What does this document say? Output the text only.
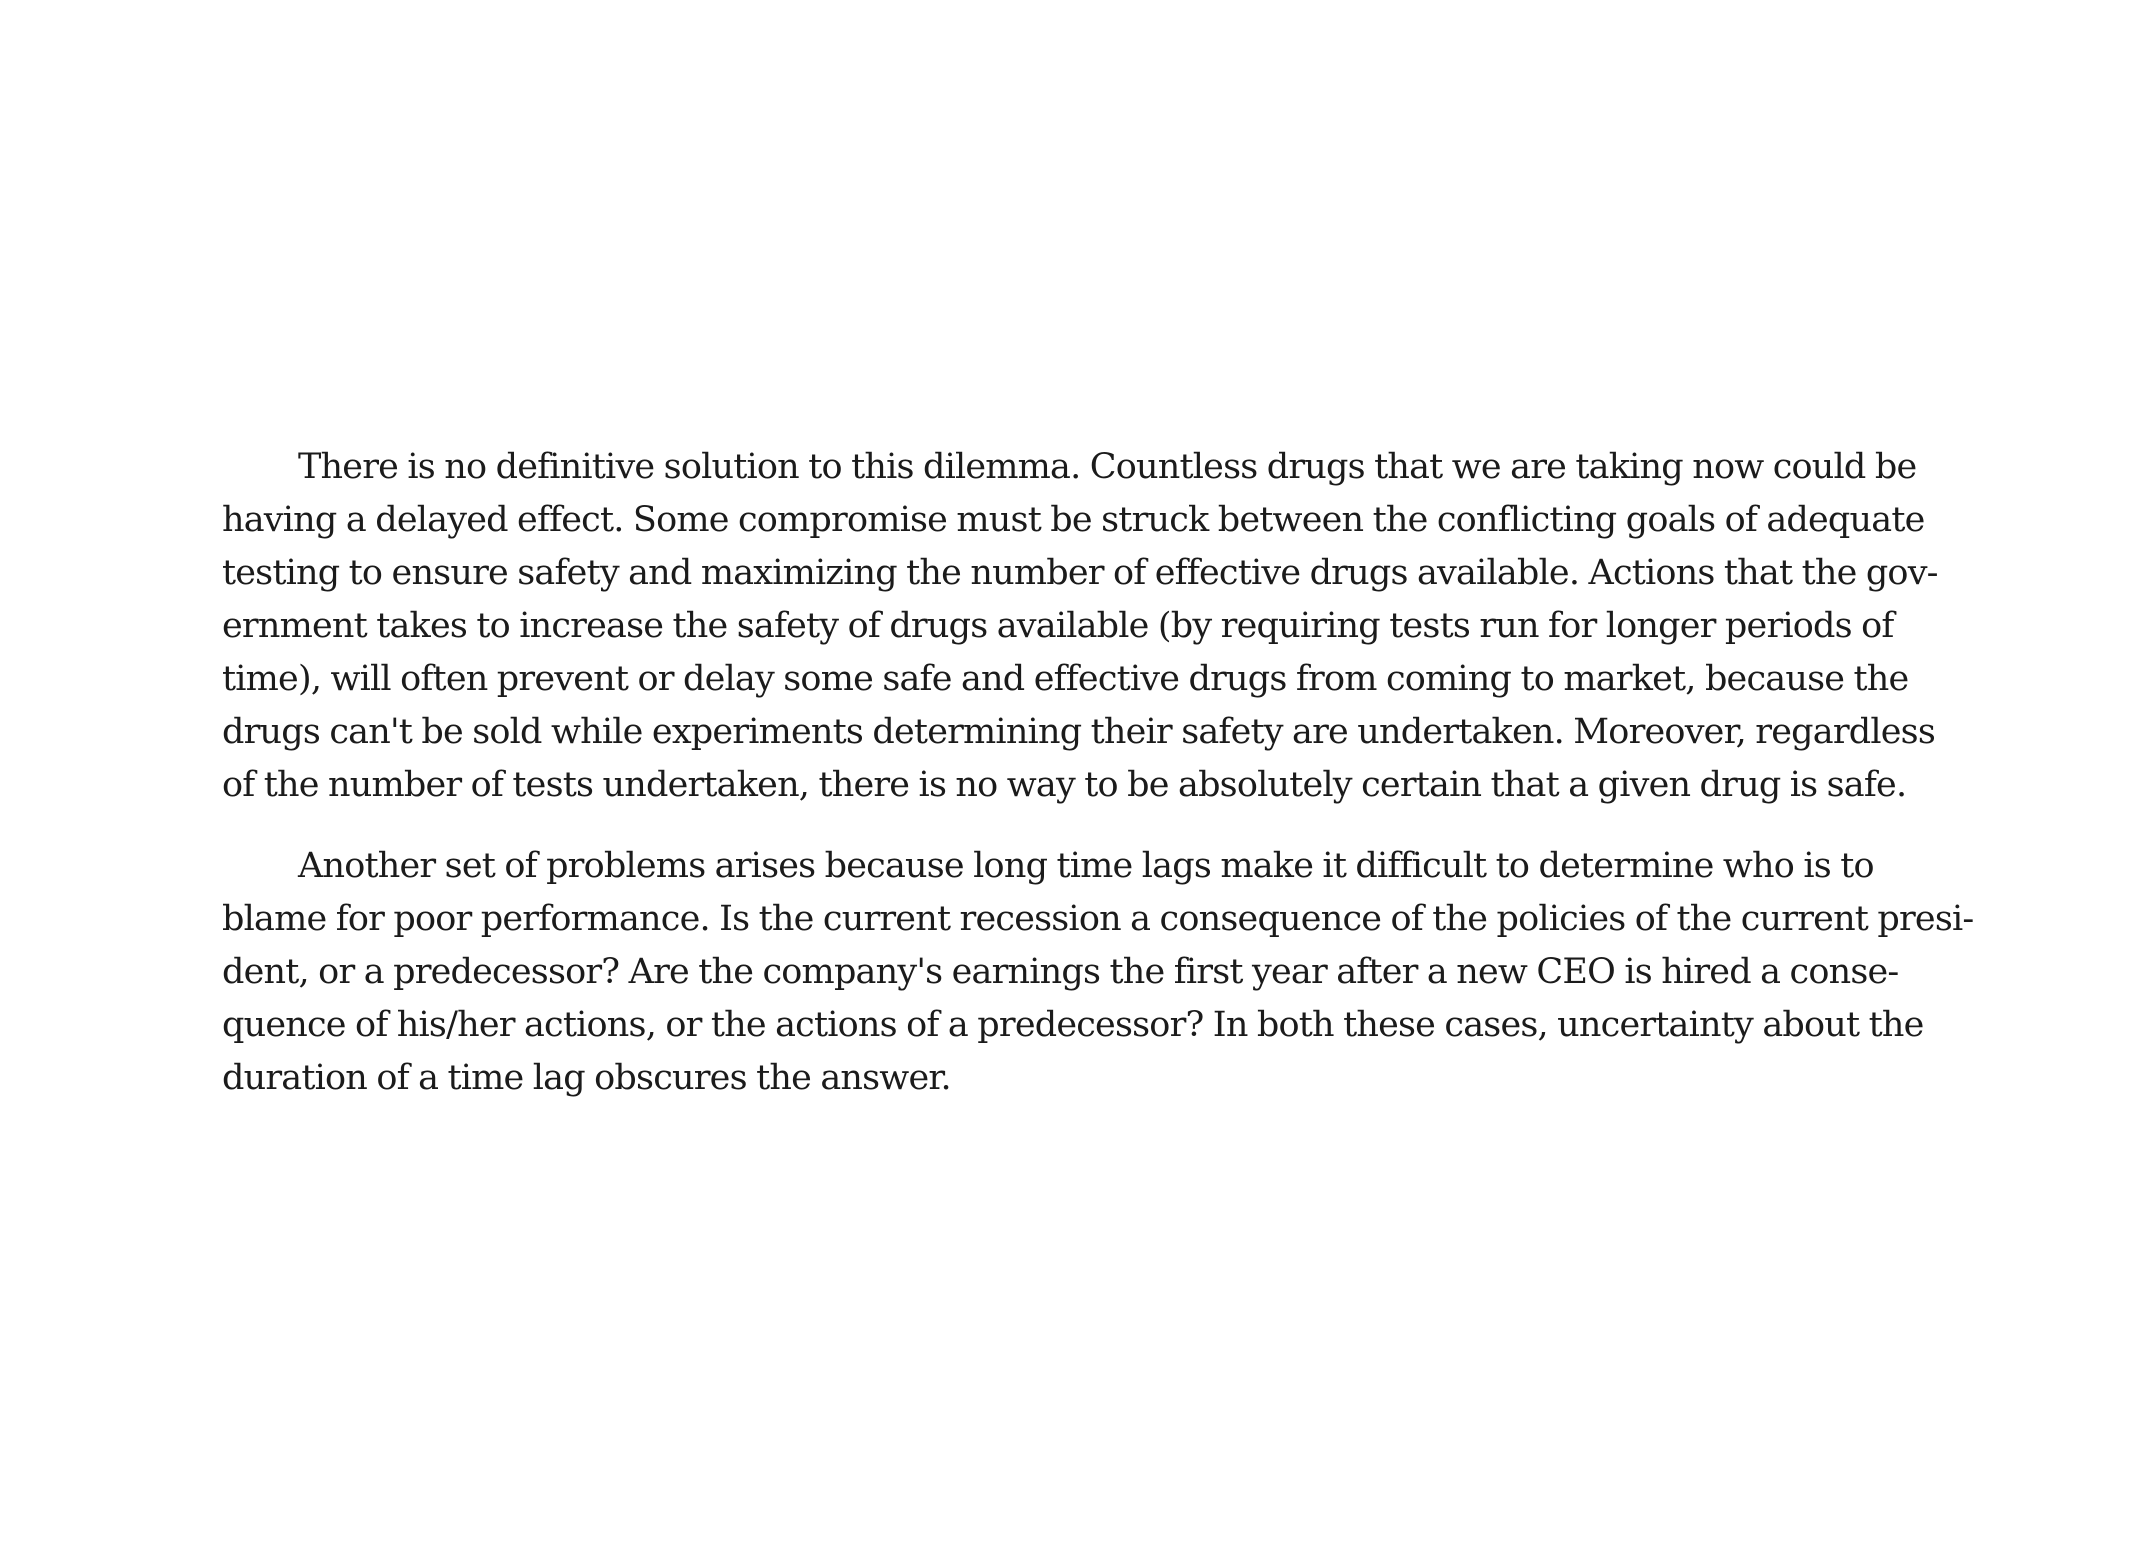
There is no definitive solution to this dilemma. Countless drugs that we are taking now could be
having a delayed effect. Some compromise must be struck between the conflicting goals of adequate
testing to ensure safety and maximizing the number of effective drugs available. Actions that the gov-
ernment takes to increase the safety of drugs available (by requiring tests run for longer periods of
time), will often prevent or delay some safe and effective drugs from coming to market, because the
drugs can't be sold while experiments determining their safety are undertaken. Moreover, regardless
of the number of tests undertaken, there is no way to be absolutely certain that a given drug is safe.
Another set of problems arises because long time lags make it difficult to determine who is to
blame for poor performance. Is the current recession a consequence of the policies of the current presi-
dent, or a predecessor? Are the company's earnings the first year after a new CEO is hired a conse-
quence of his/her actions, or the actions of a predecessor? In both these cases, uncertainty about the
duration of a time lag obscures the answer.
